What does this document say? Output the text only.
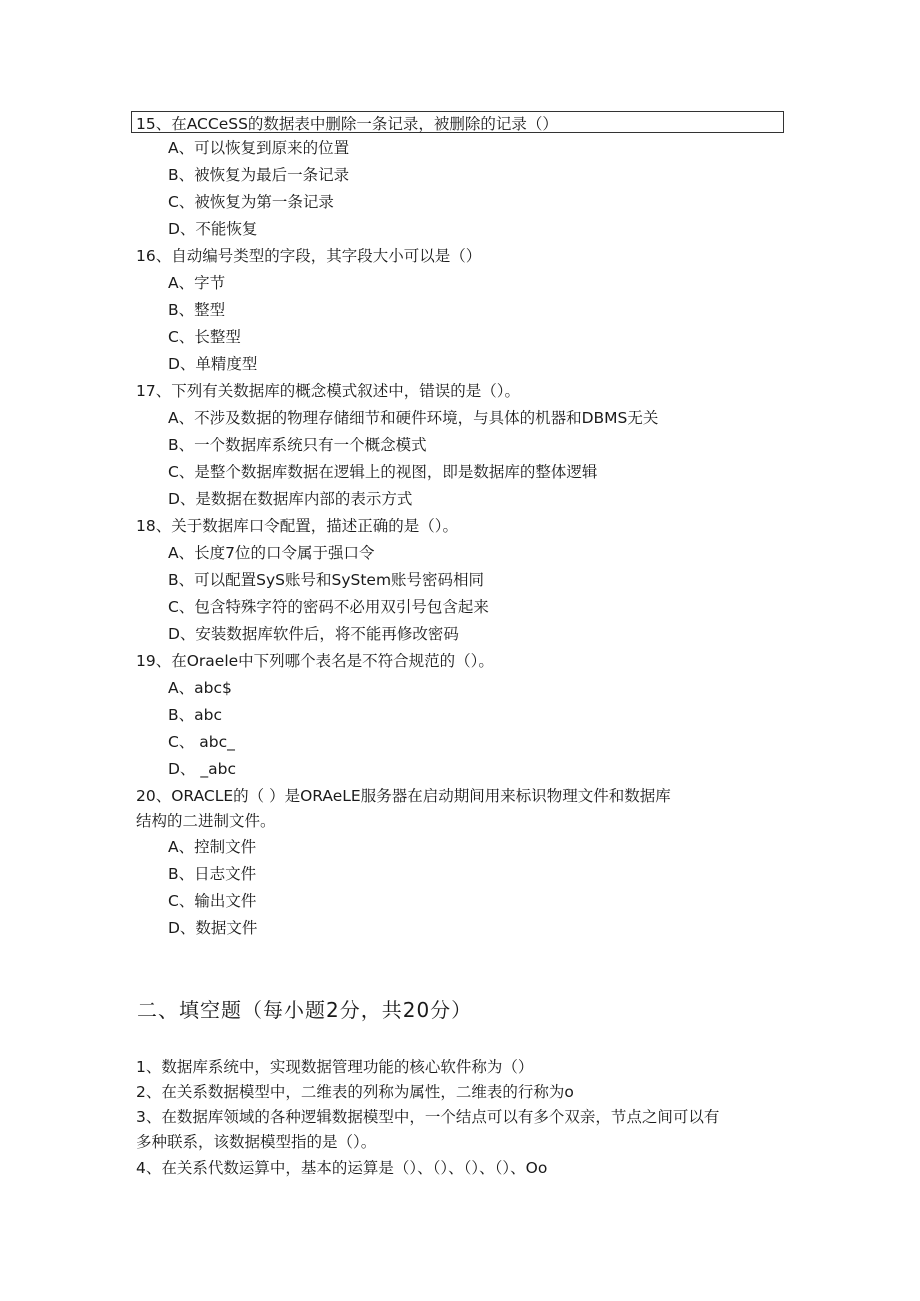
15、在ACCeSS的数据表中删除一条记录，被删除的记录（）
A、可以恢复到原来的位置
B、被恢复为最后一条记录
C、被恢复为第一条记录
D、不能恢复
16、自动编号类型的字段，其字段大小可以是（）
A、字节
B、整型
C、长整型
D、单精度型
17、下列有关数据库的概念模式叙述中，错误的是（）。
A、不涉及数据的物理存储细节和硬件环境，与具体的机器和DBMS无关
B、一个数据库系统只有一个概念模式
C、是整个数据库数据在逻辑上的视图，即是数据库的整体逻辑
D、是数据在数据库内部的表示方式
18、关于数据库口令配置，描述正确的是（）。
A、长度7位的口令属于强口令
B、可以配置SyS账号和SyStem账号密码相同
C、包含特殊字符的密码不必用双引号包含起来
D、安装数据库软件后，将不能再修改密码
19、在Oraele中下列哪个表名是不符合规范的（）。
A、abc$
B、abc
C、 abc_
D、 _abc
20、ORACLE的（ ）是ORAeLE服务器在启动期间用来标识物理文件和数据库
结构的二进制文件。
A、控制文件
B、日志文件
C、输出文件
D、数据文件
二、填空题（每小题2分，共20分）
1、数据库系统中，实现数据管理功能的核心软件称为（）
2、在关系数据模型中，二维表的列称为属性，二维表的行称为o
3、在数据库领域的各种逻辑数据模型中，一个结点可以有多个双亲，节点之间可以有
多种联系，该数据模型指的是（）。
4、在关系代数运算中，基本的运算是（）、（）、（）、（）、Oo
